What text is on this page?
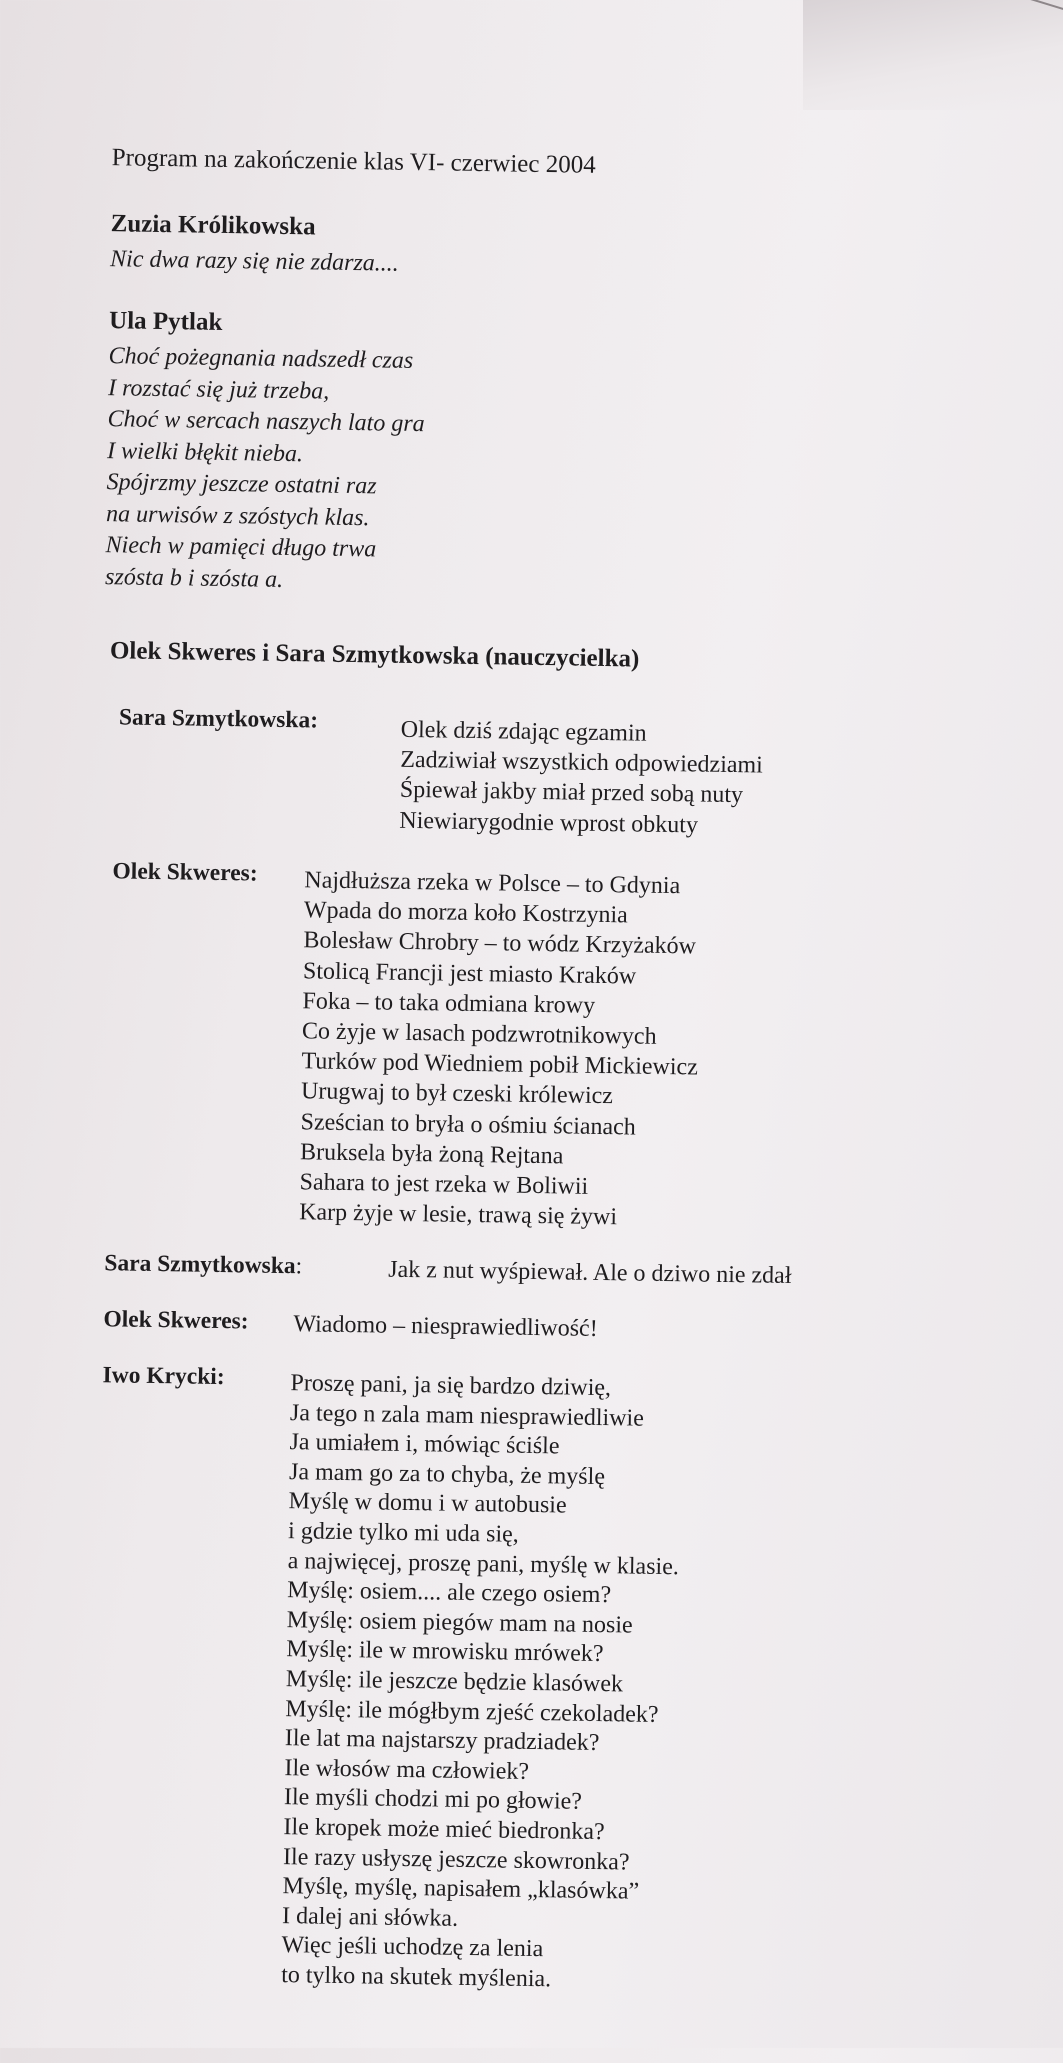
Program na zakończenie klas VI- czerwiec 2004

Zuzia Królikowska

Nic dwa razy się nie zdarza....

Ula Pytlak

Choć pożegnania nadszedł czas
I rozstać się już trzeba,
Choć w sercach naszych lato gra
I wielki błękit nieba.
Spójrzmy jeszcze ostatni raz
na urwisów z szóstych klas.
Niech w pamięci długo trwa
szósta b i szósta a.

Olek Skweres i Sara Szmytkowska (nauczycielka)

Sara Szmytkowska:	Olek dziś zdając egzamin
Zadziwiał wszystkich odpowiedziami
Śpiewał jakby miał przed sobą nuty
Niewiarygodnie wprost obkuty

Olek Skweres: Najdłuższa rzeka w Polsce – to Gdynia
Wpada do morza koło Kostrzynia
Bolesław Chrobry – to wódz Krzyżaków
Stolicą Francji jest miasto Kraków
Foka – to taka odmiana krowy
Co żyje w lasach podzwrotnikowych
Turków pod Wiedniem pobił Mickiewicz
Urugwaj to był czeski królewicz
Sześcian to bryła o ośmiu ścianach
Bruksela była żoną Rejtana
Sahara to jest rzeka w Boliwii
Karp żyje w lesie, trawą się żywi

Sara Szmytkowska:	Jak z nut wyśpiewał. Ale o dziwo nie zdał

Olek Skweres: Wiadomo – niesprawiedliwość!

Iwo Krycki:	Proszę pani, ja się bardzo dziwię,
Ja tego n zala mam niesprawiedliwie
Ja umiałem i, mówiąc ściśle
Ja mam go za to chyba, że myślę
Myślę w domu i w autobusie
i gdzie tylko mi uda się,
a najwięcej, proszę pani, myślę w klasie.
Myślę: osiem.... ale czego osiem?
Myślę: osiem piegów mam na nosie
Myślę: ile w mrowisku mrówek?
Myślę: ile jeszcze będzie klasówek
Myślę: ile mógłbym zjeść czekoladek?
Ile lat ma najstarszy pradziadek?
Ile włosów ma człowiek?
Ile myśli chodzi mi po głowie?
Ile kropek może mieć biedronka?
Ile razy usłyszę jeszcze skowronka?
Myślę, myślę, napisałem „klasówka”
I dalej ani słówka.
Więc jeśli uchodzę za lenia
to tylko na skutek myślenia.
